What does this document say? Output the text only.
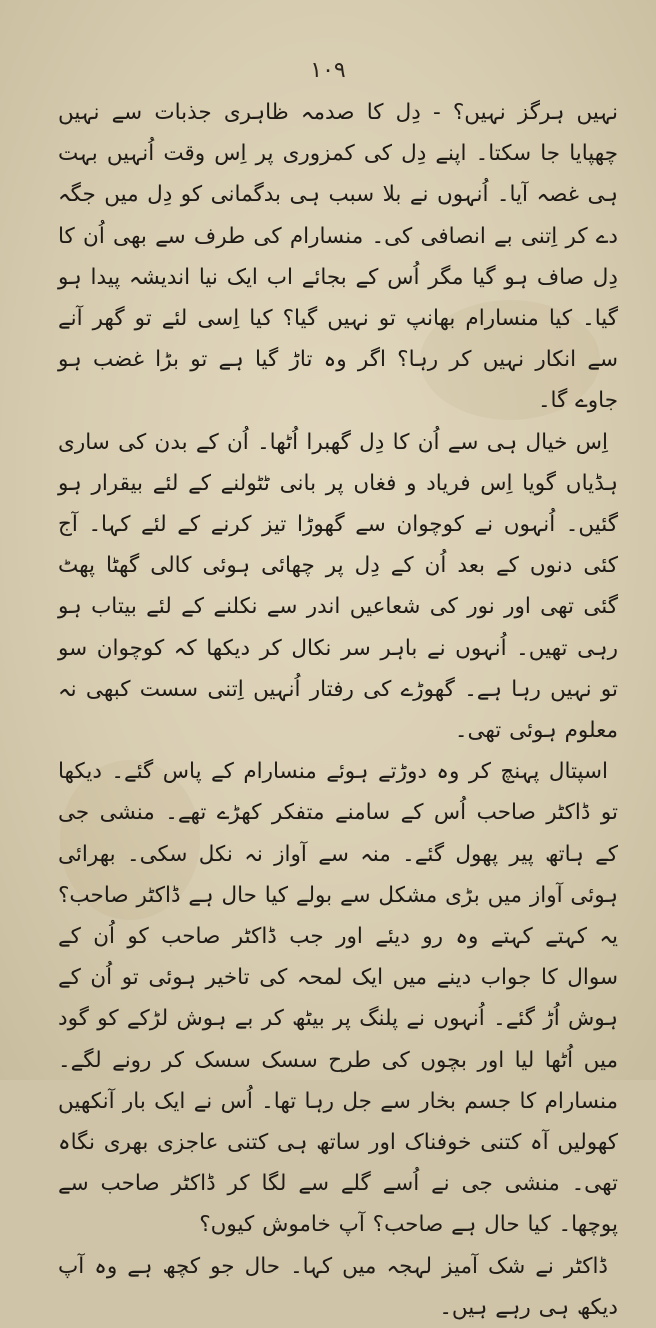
۱۰۹

نہیں ہرگز نہیں؟ - دِل کا صدمہ ظاہری جذبات سے نہیں چھپایا جا سکتا۔ اپنے دِل کی کمزوری پر اِس وقت اُنہیں بہت ہی غصہ آیا۔ اُنہوں نے بلا سبب ہی بدگمانی کو دِل میں جگہ دے کر اِتنی بے انصافی کی۔ منسارام کی طرف سے بھی اُن کا دِل صاف ہو گیا مگر اُس کے بجائے اب ایک نیا اندیشہ پیدا ہو گیا۔ کیا منسارام بھانپ تو نہیں گیا؟ کیا اِسی لئے تو گھر آنے سے انکار نہیں کر رہا؟ اگر وہ تاڑ گیا ہے تو بڑا غضب ہو جاوے گا۔

اِس خیال ہی سے اُن کا دِل گھبرا اُٹھا۔ اُن کے بدن کی ساری ہڈیاں گویا اِس فریاد و فغاں پر بانی ٹٹولنے کے لئے بیقرار ہو گئیں۔ اُنہوں نے کوچوان سے گھوڑا تیز کرنے کے لئے کہا۔ آج کئی دنوں کے بعد اُن کے دِل پر چھائی ہوئی کالی گھٹا پھٹ گئی تھی اور نور کی شعاعیں اندر سے نکلنے کے لئے بیتاب ہو رہی تھیں۔ اُنہوں نے باہر سر نکال کر دیکھا کہ کوچوان سو تو نہیں رہا ہے۔ گھوڑے کی رفتار اُنہیں اِتنی سست کبھی نہ معلوم ہوئی تھی۔

اسپتال پہنچ کر وہ دوڑتے ہوئے منسارام کے پاس گئے۔ دیکھا تو ڈاکٹر صاحب اُس کے سامنے متفکر کھڑے تھے۔ منشی جی کے ہاتھ پیر پھول گئے۔ منہ سے آواز نہ نکل سکی۔ بھرائی ہوئی آواز میں بڑی مشکل سے بولے کیا حال ہے ڈاکٹر صاحب؟ یہ کہتے کہتے وہ رو دیئے اور جب ڈاکٹر صاحب کو اُن کے سوال کا جواب دینے میں ایک لمحہ کی تاخیر ہوئی تو اُن کے ہوش اُڑ گئے۔ اُنہوں نے پلنگ پر بیٹھ کر بے ہوش لڑکے کو گود میں اُٹھا لیا اور بچوں کی طرح سسک سسک کر رونے لگے۔ منسارام کا جسم بخار سے جل رہا تھا۔ اُس نے ایک بار آنکھیں کھولیں آہ کتنی خوفناک اور ساتھ ہی کتنی عاجزی بھری نگاہ تھی۔ منشی جی نے اُسے گلے سے لگا کر ڈاکٹر صاحب سے پوچھا۔ کیا حال ہے صاحب؟ آپ خاموش کیوں؟

ڈاکٹر نے شک آمیز لہجہ میں کہا۔ حال جو کچھ ہے وہ آپ دیکھ ہی رہے ہیں۔
